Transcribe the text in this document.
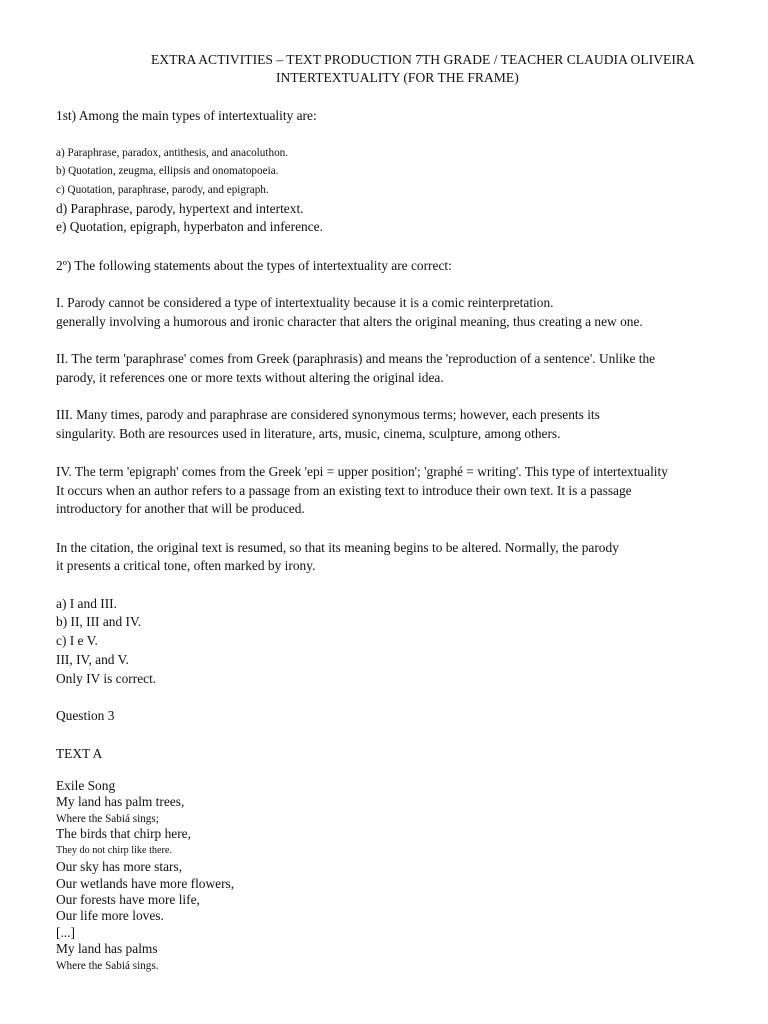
EXTRA ACTIVITIES – TEXT PRODUCTION 7TH GRADE / TEACHER CLAUDIA OLIVEIRA
INTERTEXTUALITY (FOR THE FRAME)
1st) Among the main types of intertextuality are:
a) Paraphrase, paradox, antithesis, and anacoluthon.
b) Quotation, zeugma, ellipsis and onomatopoeia.
c) Quotation, paraphrase, parody, and epigraph.
d) Paraphrase, parody, hypertext and intertext.
e) Quotation, epigraph, hyperbaton and inference.
2º) The following statements about the types of intertextuality are correct:
I. Parody cannot be considered a type of intertextuality because it is a comic reinterpretation.
generally involving a humorous and ironic character that alters the original meaning, thus creating a new one.
II. The term 'paraphrase' comes from Greek (paraphrasis) and means the 'reproduction of a sentence'. Unlike the
parody, it references one or more texts without altering the original idea.
III. Many times, parody and paraphrase are considered synonymous terms; however, each presents its
singularity. Both are resources used in literature, arts, music, cinema, sculpture, among others.
IV. The term 'epigraph' comes from the Greek 'epi = upper position'; 'graphé = writing'. This type of intertextuality
It occurs when an author refers to a passage from an existing text to introduce their own text. It is a passage
introductory for another that will be produced.
In the citation, the original text is resumed, so that its meaning begins to be altered. Normally, the parody
it presents a critical tone, often marked by irony.
a) I and III.
b) II, III and IV.
c) I e V.
III, IV, and V.
Only IV is correct.
Question 3
TEXT A
Exile Song
My land has palm trees,
Where the Sabiá sings;
The birds that chirp here,
They do not chirp like there.
Our sky has more stars,
Our wetlands have more flowers,
Our forests have more life,
Our life more loves.
[...]
My land has palms
Where the Sabiá sings.
